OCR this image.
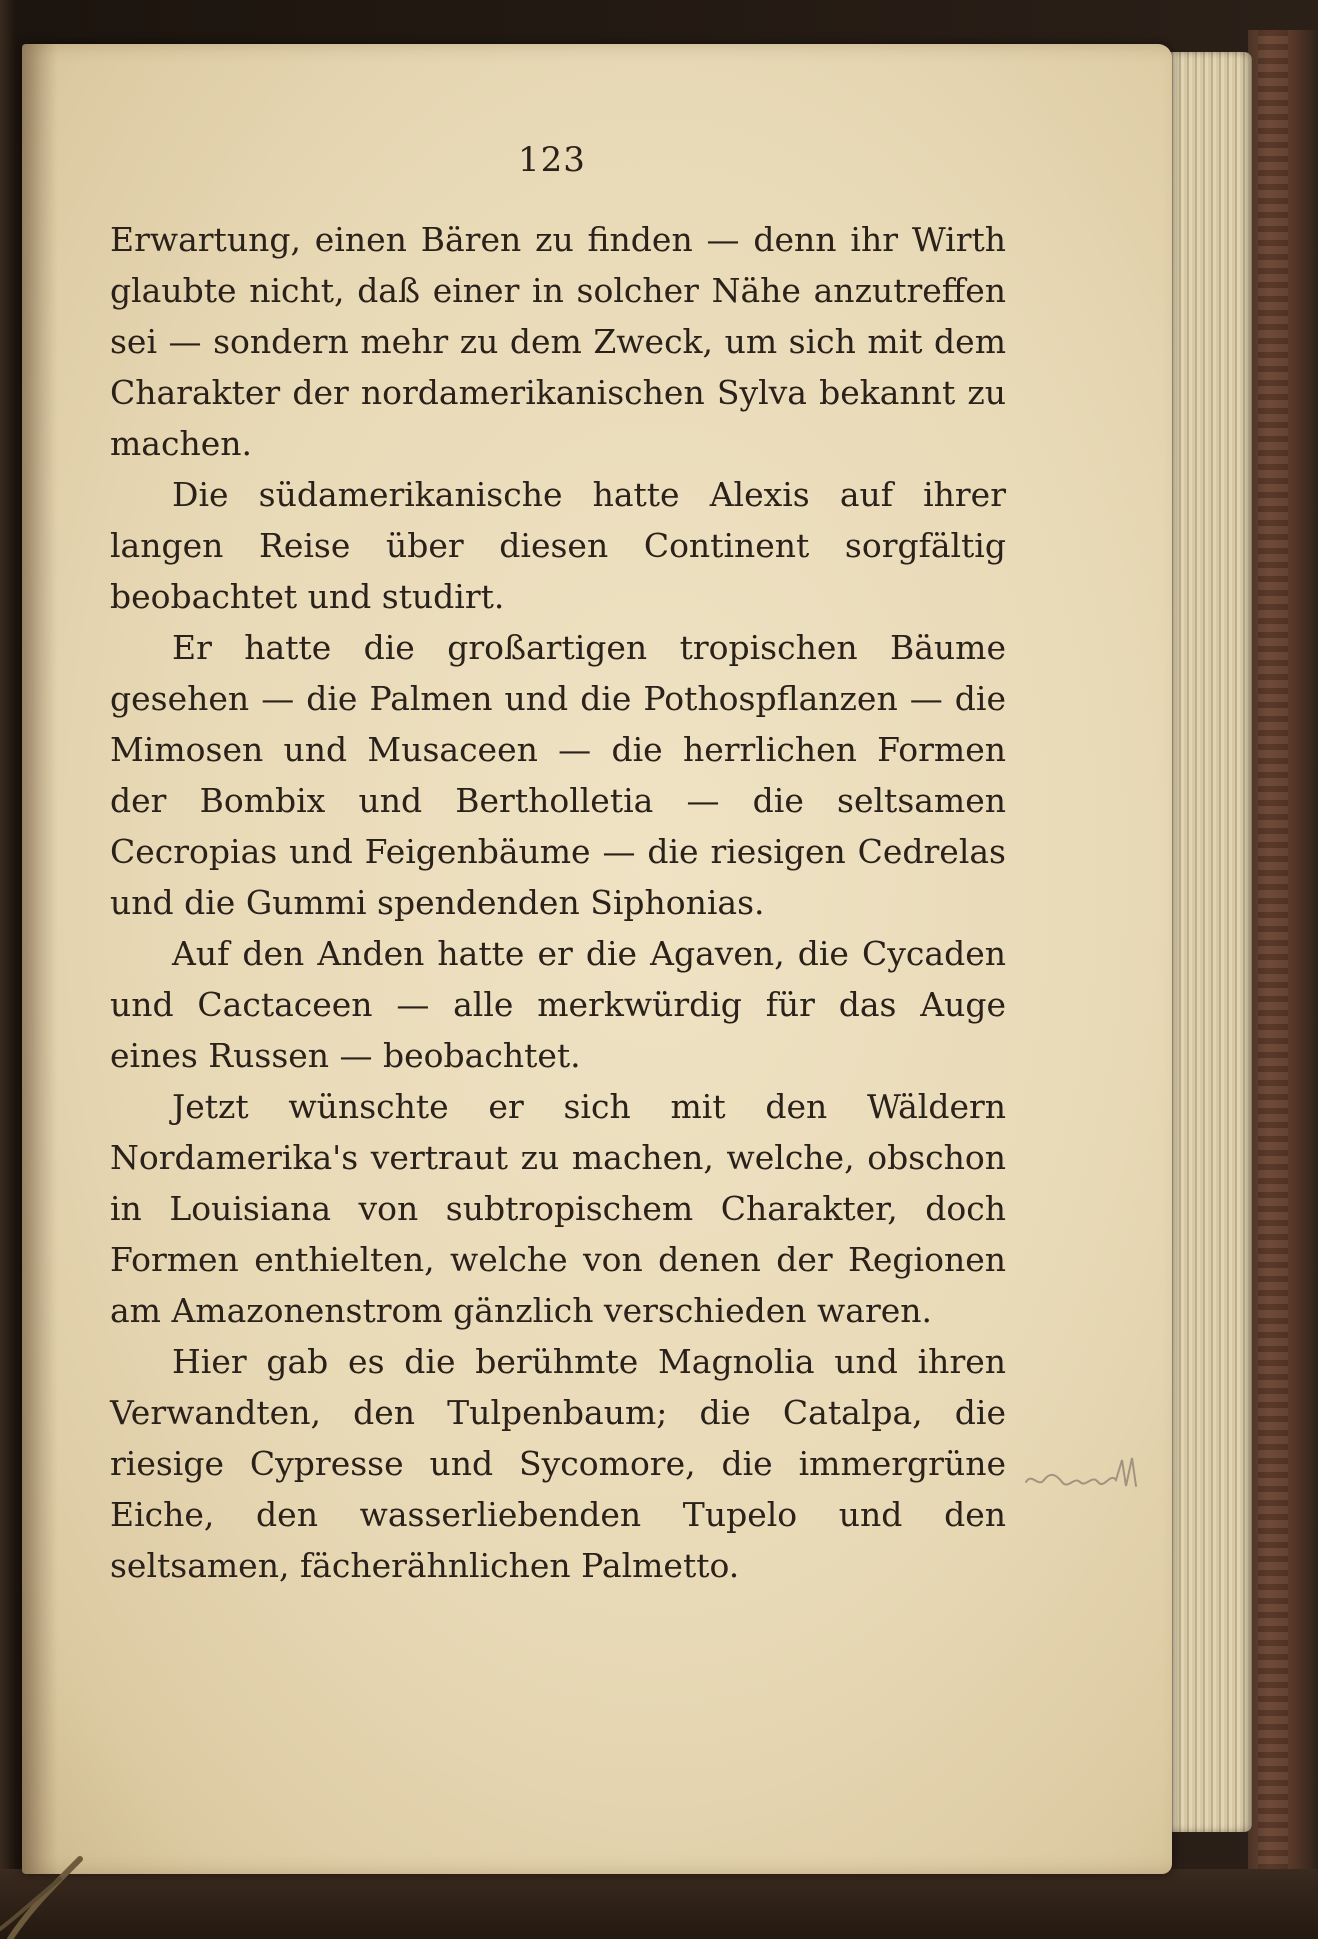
123
Erwartung, einen Bären zu finden — denn ihr Wirth glaubte nicht, daß einer in solcher Nähe anzutreffen sei — sondern mehr zu dem Zweck, um sich mit dem Charakter der nordamerikanischen Sylva bekannt zu machen.
Die südamerikanische hatte Alexis auf ihrer langen Reise über diesen Continent sorgfältig beobachtet und studirt.
Er hatte die großartigen tropischen Bäume gesehen — die Palmen und die Pothospflanzen — die Mimosen und Musaceen — die herrlichen Formen der Bombix und Bertholletia — die seltsamen Cecropias und Feigenbäume — die riesigen Cedrelas und die Gummi spendenden Siphonias.
Auf den Anden hatte er die Agaven, die Cycaden und Cactaceen — alle merkwürdig für das Auge eines Russen — beobachtet.
Jetzt wünschte er sich mit den Wäldern Nordamerika's vertraut zu machen, welche, obschon in Louisiana von subtropischem Charakter, doch Formen enthielten, welche von denen der Regionen am Amazonenstrom gänzlich verschieden waren.
Hier gab es die berühmte Magnolia und ihren Verwandten, den Tulpenbaum; die Catalpa, die riesige Cypresse und Sycomore, die immergrüne Eiche, den wasserliebenden Tupelo und den seltsamen, fächerähnlichen Palmetto.
